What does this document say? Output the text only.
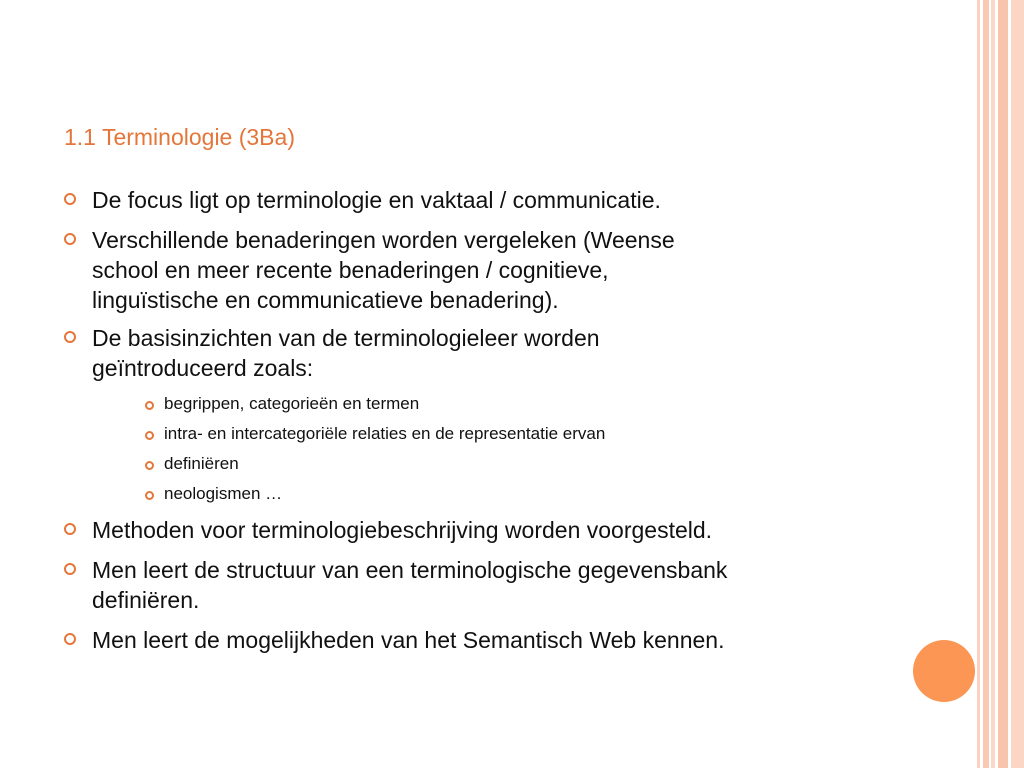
1.1 Terminologie (3Ba)
De focus ligt op terminologie en vaktaal / communicatie.
Verschillende benaderingen worden vergeleken (Weense
school en meer recente benaderingen / cognitieve,
linguïstische en communicatieve benadering).
De basisinzichten van de terminologieleer worden
geïntroduceerd zoals:
begrippen, categorieën en termen
intra- en intercategoriële relaties en de representatie ervan
definiëren
neologismen …
Methoden voor terminologiebeschrijving worden voorgesteld.
Men leert de structuur van een terminologische gegevensbank
definiëren.
Men leert de mogelijkheden van het Semantisch Web kennen.
